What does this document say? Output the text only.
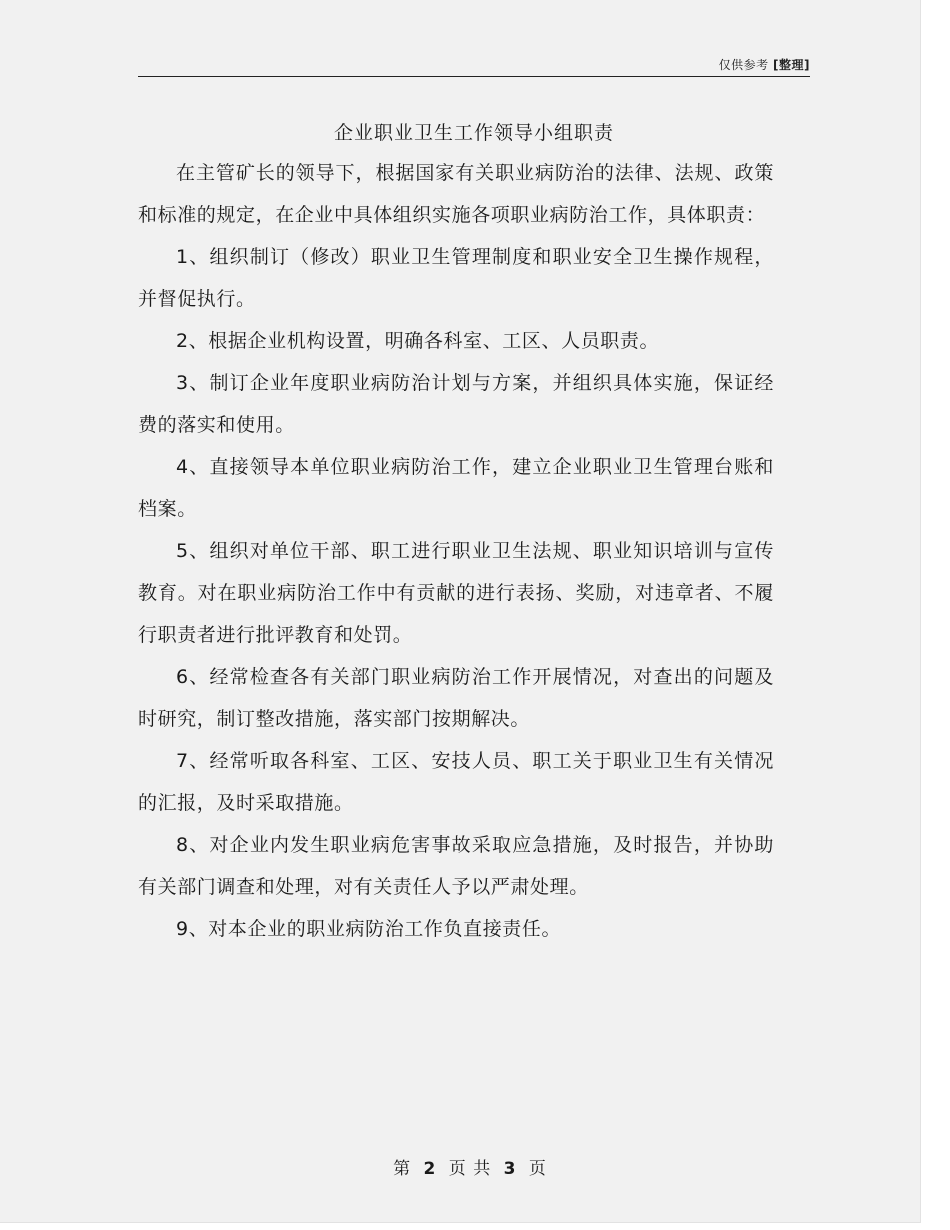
仅供参考 [整理]
企业职业卫生工作领导小组职责

在主管矿长的领导下，根据国家有关职业病防治的法律、法规、政策和标准的规定，在企业中具体组织实施各项职业病防治工作，具体职责：

1、组织制订（修改）职业卫生管理制度和职业安全卫生操作规程，并督促执行。

2、根据企业机构设置，明确各科室、工区、人员职责。

3、制订企业年度职业病防治计划与方案，并组织具体实施，保证经费的落实和使用。

4、直接领导本单位职业病防治工作，建立企业职业卫生管理台账和档案。

5、组织对单位干部、职工进行职业卫生法规、职业知识培训与宣传教育。对在职业病防治工作中有贡献的进行表扬、奖励，对违章者、不履行职责者进行批评教育和处罚。

6、经常检查各有关部门职业病防治工作开展情况，对查出的问题及时研究，制订整改措施，落实部门按期解决。

7、经常听取各科室、工区、安技人员、职工关于职业卫生有关情况的汇报，及时采取措施。

8、对企业内发生职业病危害事故采取应急措施，及时报告，并协助有关部门调查和处理，对有关责任人予以严肃处理。

9、对本企业的职业病防治工作负直接责任。

第 2 页 共 3 页
